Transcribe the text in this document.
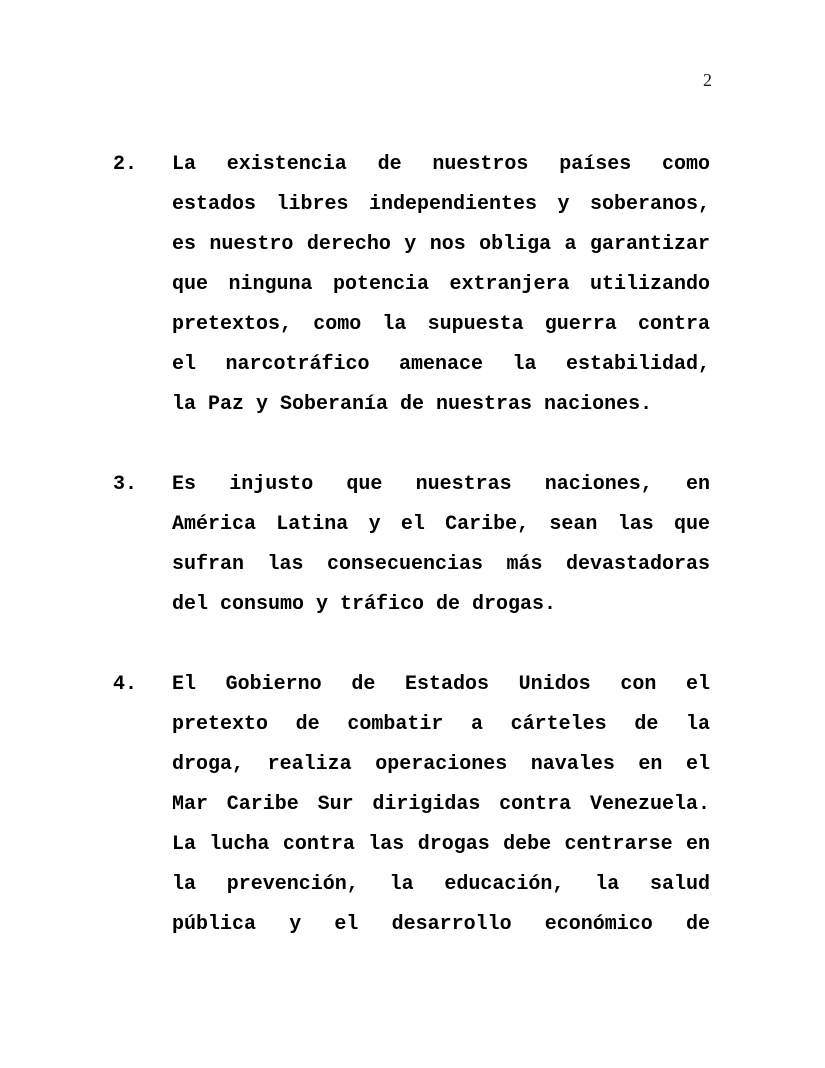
2
2.	La existencia de nuestros países como
estados libres independientes y soberanos,
es nuestro derecho y nos obliga a garantizar
que ninguna potencia extranjera utilizando
pretextos, como la supuesta guerra contra
el narcotráfico amenace la estabilidad,
la Paz y Soberanía de nuestras naciones.
3.	Es injusto que nuestras naciones, en
América Latina y el Caribe, sean las que
sufran las consecuencias más devastadoras
del consumo y tráfico de drogas.
4.	El Gobierno de Estados Unidos con el
pretexto de combatir a cárteles de la
droga, realiza operaciones navales en el
Mar Caribe Sur dirigidas contra Venezuela.
La lucha contra las drogas debe centrarse en
la prevención, la educación, la salud
pública y el desarrollo económico de
